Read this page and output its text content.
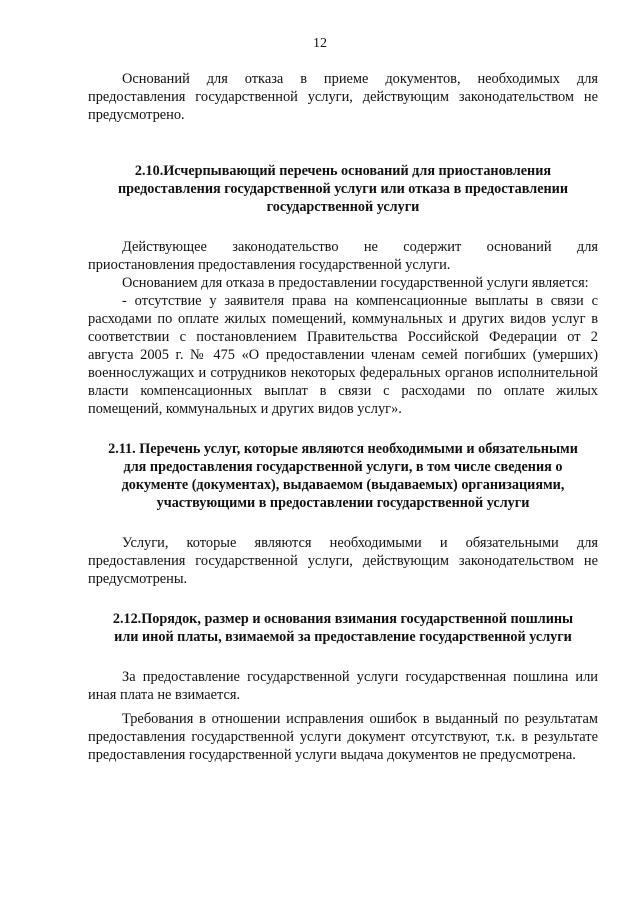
12

Оснований для отказа в приеме документов, необходимых для предоставления государственной услуги, действующим законодательством не предусмотрено.

2.10.Исчерпывающий перечень оснований для приостановления предоставления государственной услуги или отказа в предоставлении государственной услуги

Действующее законодательство не содержит оснований для приостановления предоставления государственной услуги.

Основанием для отказа в предоставлении государственной услуги является:

- отсутствие у заявителя права на компенсационные выплаты в связи с расходами по оплате жилых помещений, коммунальных и других видов услуг в соответствии с постановлением Правительства Российской Федерации от 2 августа 2005 г. № 475 «О предоставлении членам семей погибших (умерших) военнослужащих и сотрудников некоторых федеральных органов исполнительной власти компенсационных выплат в связи с расходами по оплате жилых помещений, коммунальных и других видов услуг».

2.11. Перечень услуг, которые являются необходимыми и обязательными для предоставления государственной услуги, в том числе сведения о документе (документах), выдаваемом (выдаваемых) организациями, участвующими в предоставлении государственной услуги

Услуги, которые являются необходимыми и обязательными для предоставления государственной услуги, действующим законодательством не предусмотрены.

2.12.Порядок, размер и основания взимания государственной пошлины или иной платы, взимаемой за предоставление государственной услуги

За предоставление государственной услуги государственная пошлина или иная плата не взимается.

Требования в отношении исправления ошибок в выданный по результатам предоставления государственной услуги документ отсутствуют, т.к. в результате предоставления государственной услуги выдача документов не предусмотрена.
